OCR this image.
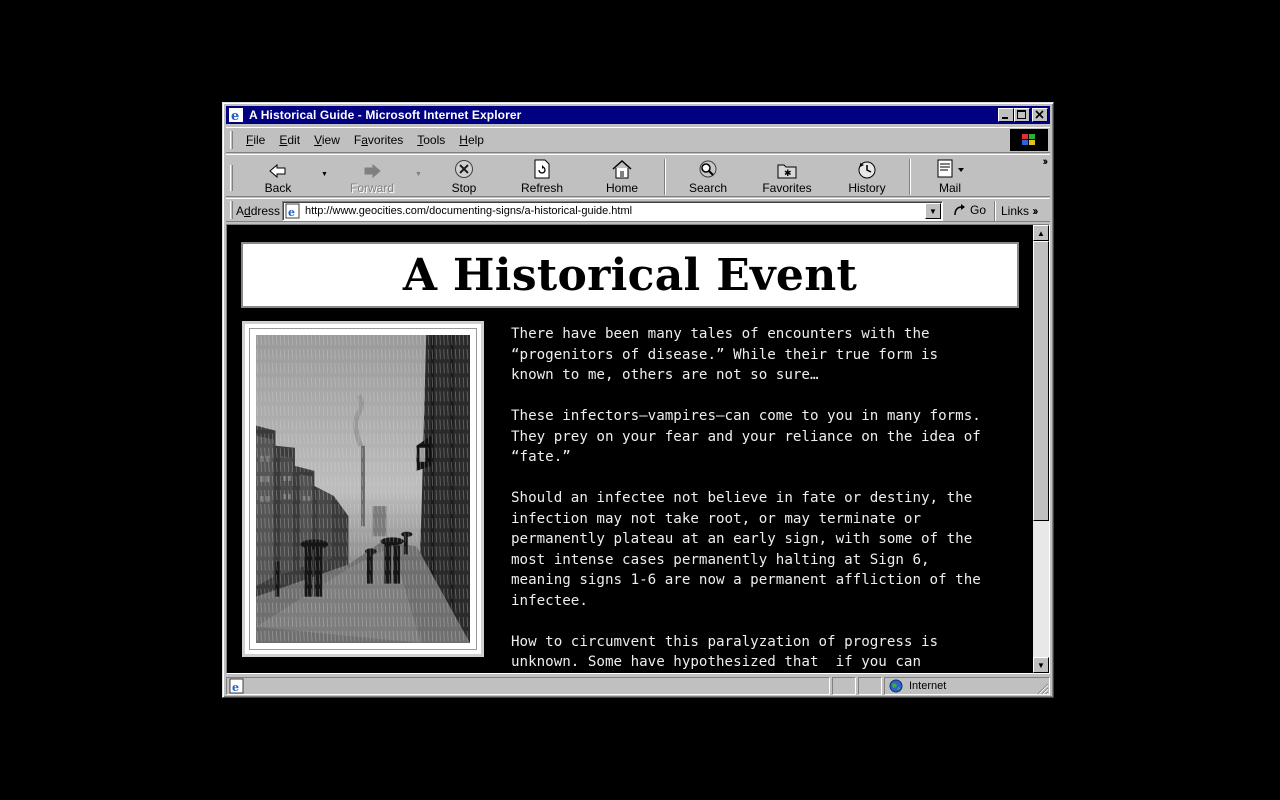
e A Historical Guide - Microsoft Internet Explorer
File	Edit	View	Favorites	Tools	Help
Back
▼
Forward
▼
Stop	Refresh	Home	Search
✱
Favorites	History	Mail
››
Address e http://www.geocities.com/documenting-signs/a-historical-guide.html	▼	Go Links ››
A Historical Event

There have been many tales of encounters with the
“progenitors of disease.” While their true form is
known to me, others are not so sure…

These infectors–vampires–can come to you in many forms.
They prey on your fear and your reliance on the idea of
“fate.”

Should an infectee not believe in fate or destiny, the
infection may not take root, or may terminate or
permanently plateau at an early sign, with some of the
most intense cases permanently halting at Sign 6,
meaning signs 1-6 are now a permanent affliction of the
infectee.

How to circumvent this paralyzation of progress is
unknown. Some have hypothesized that  if you can

▲
▼
e	Internet
